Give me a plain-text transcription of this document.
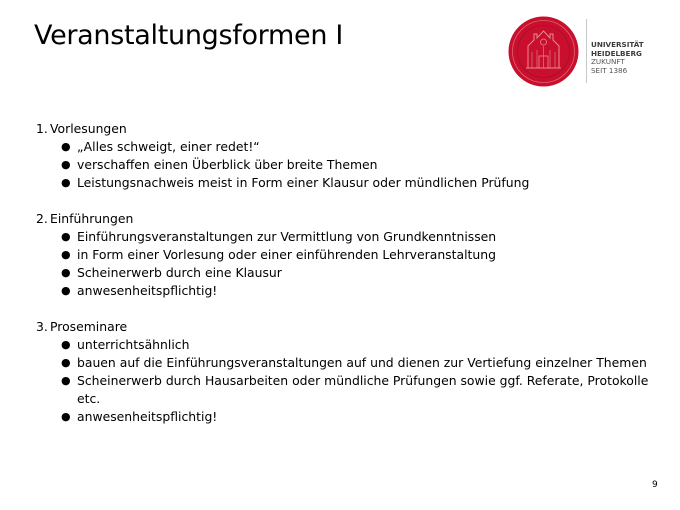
Veranstaltungsformen I	UNIVERSITÄT
HEIDELBERG
ZUKUNFT
SEIT 1386
1. Vorlesungen
● „Alles schweigt, einer redet!“
● verschaffen einen Überblick über breite Themen
● Leistungsnachweis meist in Form einer Klausur oder mündlichen Prüfung
2. Einführungen
● Einführungsveranstaltungen zur Vermittlung von Grundkenntnissen
● in Form einer Vorlesung oder einer einführenden Lehrveranstaltung
● Scheinerwerb durch eine Klausur
● anwesenheitspflichtig!
3. Proseminare
● unterrichtsähnlich
● bauen auf die Einführungsveranstaltungen auf und dienen zur Vertiefung einzelner Themen
● Scheinerwerb durch Hausarbeiten oder mündliche Prüfungen sowie ggf. Referate, Protokolle etc.
● anwesenheitspflichtig!
9
